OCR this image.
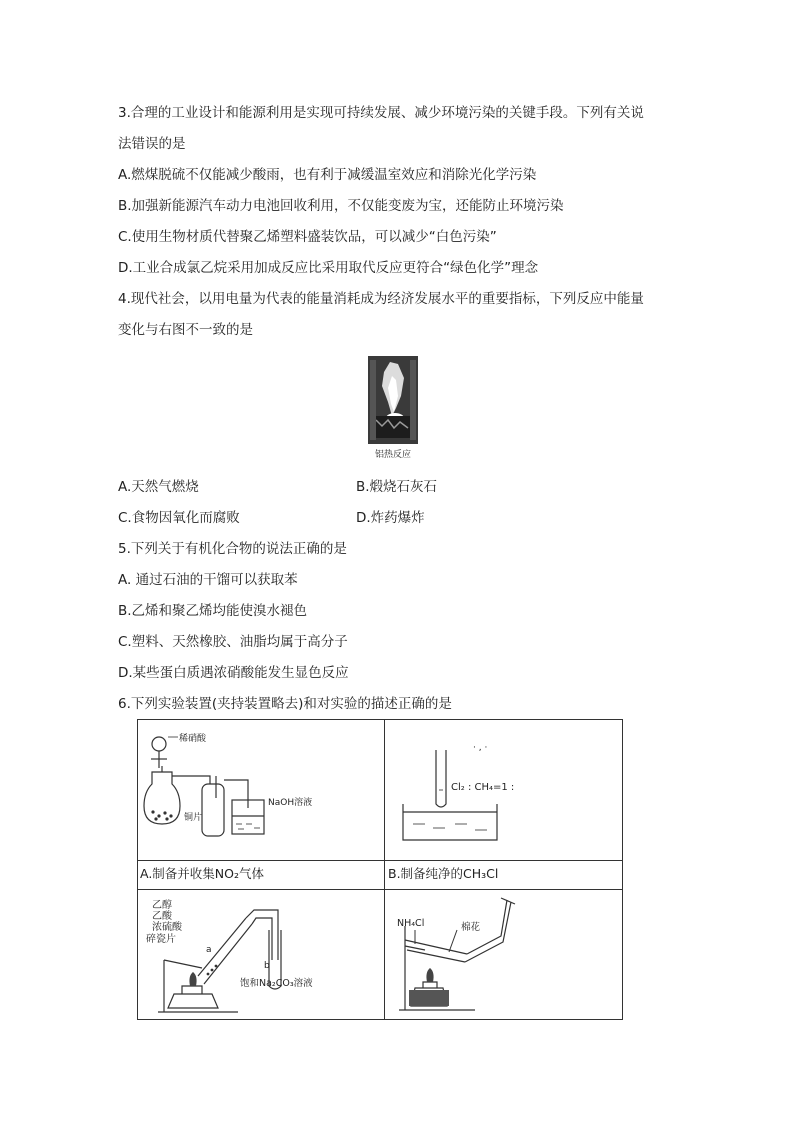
3.合理的工业设计和能源利用是实现可持续发展、减少环境污染的关键手段。下列有关说
法错误的是
A.燃煤脱硫不仅能减少酸雨，也有利于减缓温室效应和消除光化学污染
B.加强新能源汽车动力电池回收利用，不仅能变废为宝，还能防止环境污染
C.使用生物材质代替聚乙烯塑料盛装饮品，可以减少“白色污染”
D.工业合成氯乙烷采用加成反应比采用取代反应更符合“绿色化学”理念
4.现代社会，以用电量为代表的能量消耗成为经济发展水平的重要指标，下列反应中能量
变化与右图不一致的是
铝热反应
A.天然气燃烧	B.煅烧石灰石
C.食物因氧化而腐败	D.炸药爆炸
5.下列关于有机化合物的说法正确的是
A. 通过石油的干馏可以获取苯
B.乙烯和聚乙烯均能使溴水褪色
C.塑料、天然橡胶、油脂均属于高分子
D.某些蛋白质遇浓硝酸能发生显色反应
6.下列实验装置(夹持装置略去)和对实验的描述正确的是
稀硝酸
铜片
NaOH溶液
· , ·
Cl₂ : CH₄=1 :
A.制备并收集NO₂气体	B.制备纯净的CH₃Cl
乙醇
乙酸
浓硫酸
碎瓷片
a
b
饱和Na₂CO₃溶液
NH₄Cl	棉花
